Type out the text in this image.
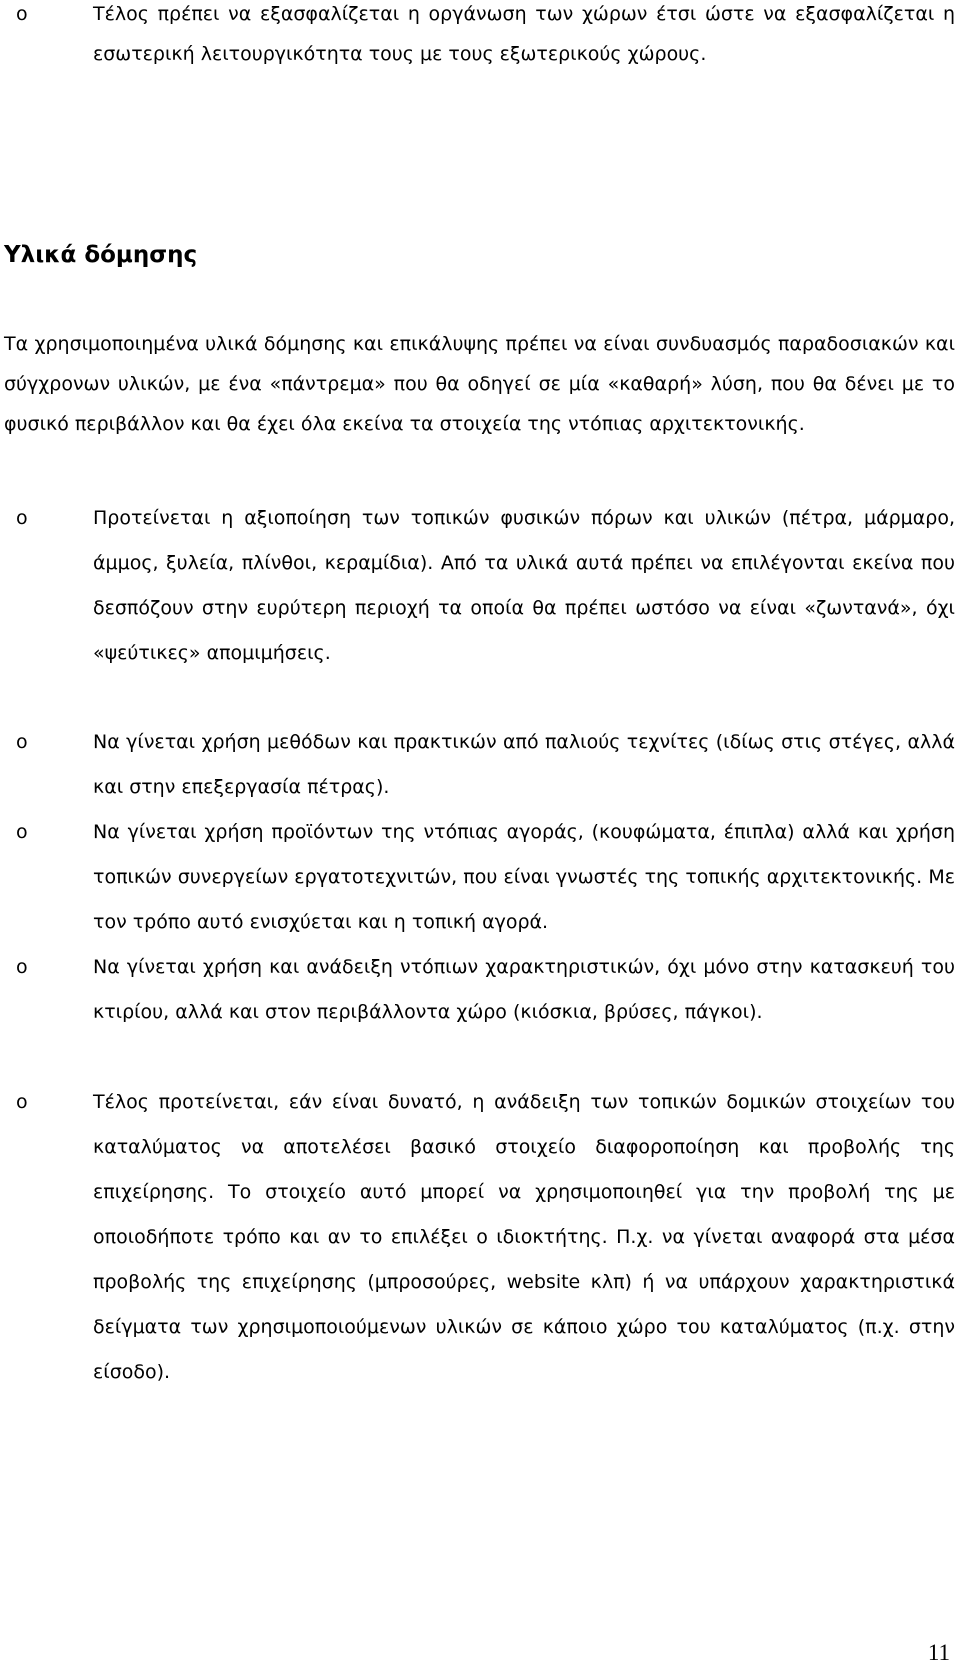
o	Τέλος πρέπει να εξασφαλίζεται η οργάνωση των χώρων έτσι ώστε να εξασφαλίζεται η εσωτερική λειτουργικότητα τους με τους εξωτερικούς χώρους.

Υλικά δόμησης

Τα χρησιμοποιημένα υλικά δόμησης και επικάλυψης πρέπει να είναι συνδυασμός παραδοσιακών και σύγχρονων υλικών, με ένα «πάντρεμα» που θα οδηγεί σε μία «καθαρή» λύση, που θα δένει με το φυσικό περιβάλλον και θα έχει όλα εκείνα τα στοιχεία της ντόπιας αρχιτεκτονικής.

o	Προτείνεται η αξιοποίηση των τοπικών φυσικών πόρων και υλικών (πέτρα, μάρμαρο, άμμος, ξυλεία, πλίνθοι, κεραμίδια). Από τα υλικά αυτά πρέπει να επιλέγονται εκείνα που δεσπόζουν στην ευρύτερη περιοχή τα οποία θα πρέπει ωστόσο να είναι «ζωντανά», όχι «ψεύτικες» απομιμήσεις.

o	Να γίνεται χρήση μεθόδων και πρακτικών από παλιούς τεχνίτες (ιδίως στις στέγες, αλλά και στην επεξεργασία πέτρας).

o	Να γίνεται χρήση προϊόντων της ντόπιας αγοράς, (κουφώματα, έπιπλα) αλλά και χρήση τοπικών συνεργείων εργατοτεχνιτών, που είναι γνωστές της τοπικής αρχιτεκτονικής. Με τον τρόπο αυτό ενισχύεται και η τοπική αγορά.

o	Να γίνεται χρήση και ανάδειξη ντόπιων χαρακτηριστικών, όχι μόνο στην κατασκευή του κτιρίου, αλλά και στον περιβάλλοντα χώρο (κιόσκια, βρύσες, πάγκοι).

o	Τέλος προτείνεται, εάν είναι δυνατό, η ανάδειξη των τοπικών δομικών στοιχείων του καταλύματος να αποτελέσει βασικό στοιχείο διαφοροποίηση και προβολής της επιχείρησης. Το στοιχείο αυτό μπορεί να χρησιμοποιηθεί για την προβολή της με οποιοδήποτε τρόπο και αν το επιλέξει ο ιδιοκτήτης. Π.χ. να γίνεται αναφορά στα μέσα προβολής της επιχείρησης (μπροσούρες, website κλπ) ή να υπάρχουν χαρακτηριστικά δείγματα των χρησιμοποιούμενων υλικών σε κάποιο χώρο του καταλύματος (π.χ. στην είσοδο).

11
